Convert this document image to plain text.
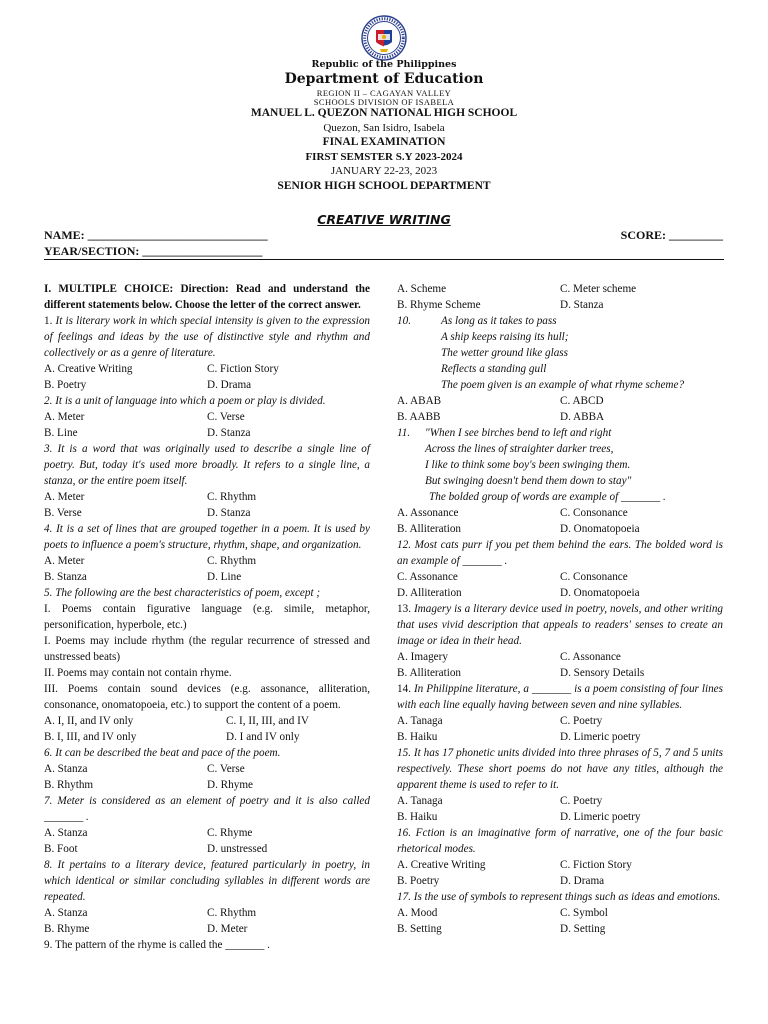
Republic of the Philippines
Department of Education
REGION II – CAGAYAN VALLEY
SCHOOLS DIVISION OF ISABELA
MANUEL L. QUEZON NATIONAL HIGH SCHOOL
Quezon, San Isidro, Isabela
FINAL EXAMINATION
FIRST SEMSTER S.Y 2023-2024
JANUARY 22-23, 2023
SENIOR HIGH SCHOOL DEPARTMENT
CREATIVE WRITING
NAME: ______________________________	SCORE: _________
YEAR/SECTION: ____________________
I. MULTIPLE CHOICE: Direction: Read and understand the different statements below. Choose the letter of the correct answer.
1. It is literary work in which special intensity is given to the expression of feelings and ideas by the use of distinctive style and rhythm and collectively or as a genre of literature.
A. Creative Writing	C. Fiction Story
B. Poetry	D. Drama
2. It is a unit of language into which a poem or play is divided.
A. Meter	C. Verse
B. Line	D. Stanza
3. It is a word that was originally used to describe a single line of poetry. But, today it's used more broadly. It refers to a single line, a stanza, or the entire poem itself.
A. Meter	C. Rhythm
B. Verse	D. Stanza
4. It is a set of lines that are grouped together in a poem. It is used by poets to influence a poem's structure, rhythm, shape, and organization.
A. Meter	C. Rhythm
B. Stanza	D. Line
5. The following are the best characteristics of poem, except ;
I. Poems contain figurative language (e.g. simile, metaphor, personification, hyperbole, etc.)
I. Poems may include rhythm (the regular recurrence of stressed and unstressed beats)
II. Poems may contain not contain rhyme.
III. Poems contain sound devices (e.g. assonance, alliteration, consonance, onomatopoeia, etc.) to support the content of a poem.
A. I, II, and IV only	C. I, II, III, and IV
B. I, III, and IV only	D. I and IV only
6. It can be described the beat and pace of the poem.
A. Stanza	C. Verse
B. Rhythm	D. Rhyme
7. Meter is considered as an element of poetry and it is also called _______ .
A. Stanza	C. Rhyme
B. Foot	D. unstressed
8. It pertains to a literary device, featured particularly in poetry, in which identical or similar concluding syllables in different words are repeated.
A. Stanza	C. Rhythm
B. Rhyme	D. Meter
9. The pattern of the rhyme is called the _______ .
A. Scheme	C. Meter scheme
B. Rhyme Scheme	D. Stanza
10.	As long as it takes to pass
A ship keeps raising its hull;
The wetter ground like glass
Reflects a standing gull
The poem given is an example of what rhyme scheme?
A. ABAB	C. ABCD
B. AABB	D. ABBA
11.	"When I see birches bend to left and right
Across the lines of straighter darker trees,
I like to think some boy's been swinging them.
But swinging doesn't bend them down to stay"
The bolded group of words are example of _______ .
A. Assonance	C. Consonance
B. Alliteration	D. Onomatopoeia
12. Most cats purr if you pet them behind the ears. The bolded word is an example of _______ .
C. Assonance	C. Consonance
D. Alliteration	D. Onomatopoeia
13. Imagery is a literary device used in poetry, novels, and other writing that uses vivid description that appeals to readers' senses to create an image or idea in their head.
A. Imagery	C. Assonance
B. Alliteration	D. Sensory Details
14. In Philippine literature, a _______ is a poem consisting of four lines with each line equally having between seven and nine syllables.
A. Tanaga	C. Poetry
B. Haiku	D. Limeric poetry
15. It has 17 phonetic units divided into three phrases of 5, 7 and 5 units respectively. These short poems do not have any titles, although the apparent theme is used to refer to it.
A. Tanaga	C. Poetry
B. Haiku	D. Limeric poetry
16. Fction is an imaginative form of narrative, one of the four basic rhetorical modes.
A. Creative Writing	C. Fiction Story
B. Poetry	D. Drama
17. Is the use of symbols to represent things such as ideas and emotions.
A. Mood	C. Symbol
B. Setting	D. Setting
